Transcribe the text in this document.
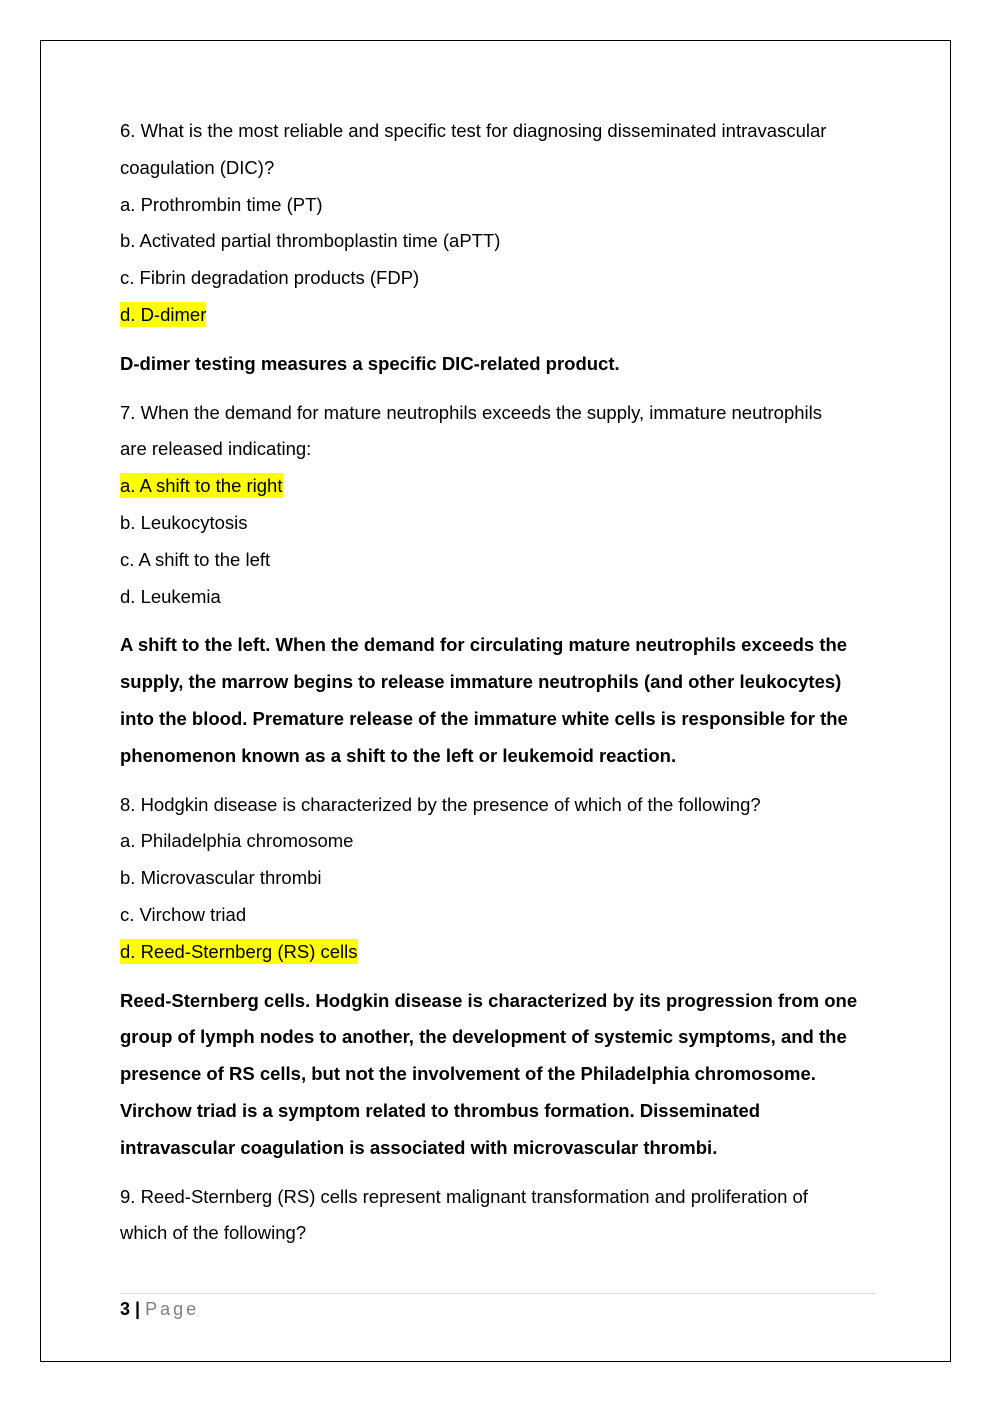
6. What is the most reliable and specific test for diagnosing disseminated intravascular
coagulation (DIC)?
a. Prothrombin time (PT)
b. Activated partial thromboplastin time (aPTT)
c. Fibrin degradation products (FDP)
d. D-dimer
D-dimer testing measures a specific DIC-related product.
7. When the demand for mature neutrophils exceeds the supply, immature neutrophils
are released indicating:
a. A shift to the right
b. Leukocytosis
c. A shift to the left
d. Leukemia
A shift to the left. When the demand for circulating mature neutrophils exceeds the
supply, the marrow begins to release immature neutrophils (and other leukocytes)
into the blood. Premature release of the immature white cells is responsible for the
phenomenon known as a shift to the left or leukemoid reaction.
8. Hodgkin disease is characterized by the presence of which of the following?
a. Philadelphia chromosome
b. Microvascular thrombi
c. Virchow triad
d. Reed-Sternberg (RS) cells
Reed-Sternberg cells. Hodgkin disease is characterized by its progression from one
group of lymph nodes to another, the development of systemic symptoms, and the
presence of RS cells, but not the involvement of the Philadelphia chromosome.
Virchow triad is a symptom related to thrombus formation. Disseminated
intravascular coagulation is associated with microvascular thrombi.
9. Reed-Sternberg (RS) cells represent malignant transformation and proliferation of
which of the following?
3 | Page
